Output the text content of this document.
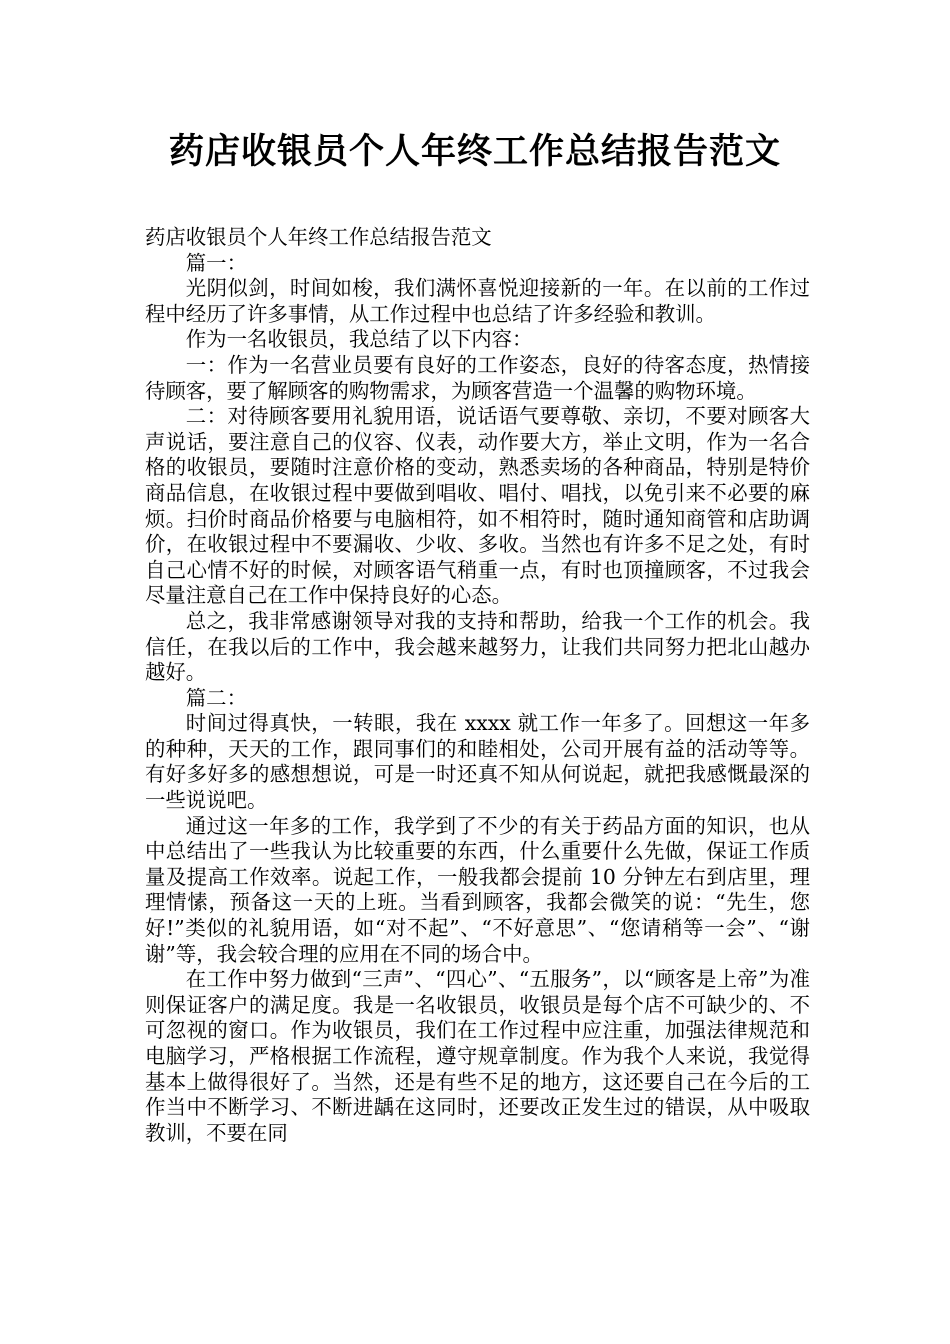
药店收银员个人年终工作总结报告范文

药店收银员个人年终工作总结报告范文

篇一：

光阴似剑，时间如梭，我们满怀喜悦迎接新的一年。在以前的工作过程中经历了许多事情，从工作过程中也总结了许多经验和教训。

作为一名收银员，我总结了以下内容：

一：作为一名营业员要有良好的工作姿态，良好的待客态度，热情接待顾客，要了解顾客的购物需求，为顾客营造一个温馨的购物环境。

二：对待顾客要用礼貌用语，说话语气要尊敬、亲切，不要对顾客大声说话，要注意自己的仪容、仪表，动作要大方，举止文明，作为一名合格的收银员，要随时注意价格的变动，熟悉卖场的各种商品，特别是特价商品信息，在收银过程中要做到唱收、唱付、唱找，以免引来不必要的麻烦。扫价时商品价格要与电脑相符，如不相符时，随时通知商管和店助调价，在收银过程中不要漏收、少收、多收。当然也有许多不足之处，有时自己心情不好的时候，对顾客语气稍重一点，有时也顶撞顾客，不过我会尽量注意自己在工作中保持良好的心态。

总之，我非常感谢领导对我的支持和帮助，给我一个工作的机会。我信任，在我以后的工作中，我会越来越努力，让我们共同努力把北山越办越好。

篇二：

时间过得真快，一转眼，我在 xxxx 就工作一年多了。回想这一年多的种种，天天的工作，跟同事们的和睦相处，公司开展有益的活动等等。有好多好多的感想想说，可是一时还真不知从何说起，就把我感慨最深的一些说说吧。

通过这一年多的工作，我学到了不少的有关于药品方面的知识，也从中总结出了一些我认为比较重要的东西，什么重要什么先做，保证工作质量及提高工作效率。说起工作，一般我都会提前 10 分钟左右到店里，理理情愫，预备这一天的上班。当看到顾客，我都会微笑的说：“先生，您好!”类似的礼貌用语，如“对不起”、“不好意思”、“您请稍等一会”、“谢谢”等，我会较合理的应用在不同的场合中。

在工作中努力做到“三声”、“四心”、“五服务”，以“顾客是上帝”为准则保证客户的满足度。我是一名收银员，收银员是每个店不可缺少的、不可忽视的窗口。作为收银员，我们在工作过程中应注重，加强法律规范和电脑学习，严格根据工作流程，遵守规章制度。作为我个人来说，我觉得基本上做得很好了。当然，还是有些不足的地方，这还要自己在今后的工作当中不断学习、不断进龋在这同时，还要改正发生过的错误，从中吸取教训，不要在同
